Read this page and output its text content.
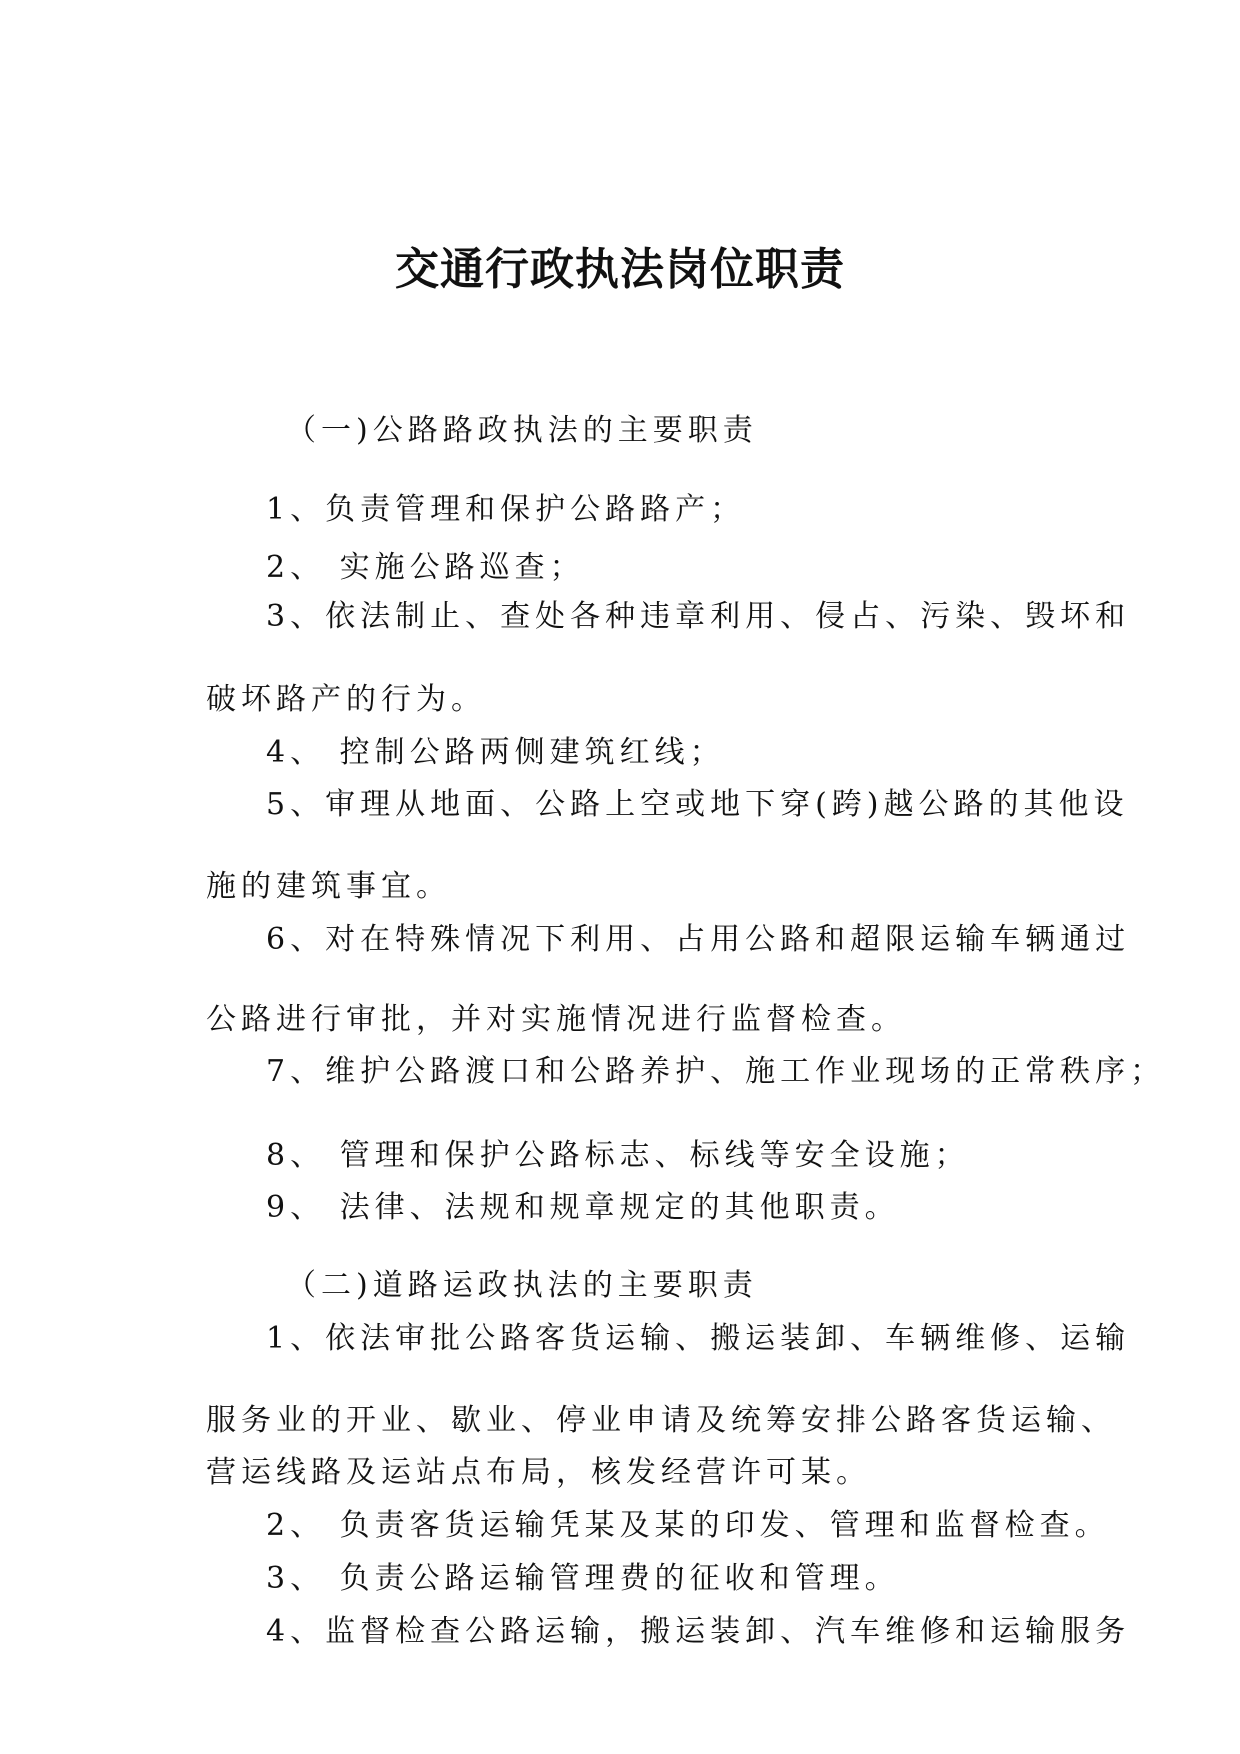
交通行政执法岗位职责
（一)公路路政执法的主要职责
1、负责管理和保护公路路产；
2、 实施公路巡查；
3、依法制止、查处各种违章利用、侵占、污染、毁坏和
破坏路产的行为。
4、 控制公路两侧建筑红线；
5、审理从地面、公路上空或地下穿(跨)越公路的其他设
施的建筑事宜。
6、对在特殊情况下利用、占用公路和超限运输车辆通过
公路进行审批，并对实施情况进行监督检查。
7、维护公路渡口和公路养护、施工作业现场的正常秩序；
8、 管理和保护公路标志、标线等安全设施；
9、 法律、法规和规章规定的其他职责。
（二)道路运政执法的主要职责
1、依法审批公路客货运输、搬运装卸、车辆维修、运输
服务业的开业、歇业、停业申请及统筹安排公路客货运输、
营运线路及运站点布局，核发经营许可某。
2、 负责客货运输凭某及某的印发、管理和监督检查。
3、 负责公路运输管理费的征收和管理。
4、监督检查公路运输，搬运装卸、汽车维修和运输服务
